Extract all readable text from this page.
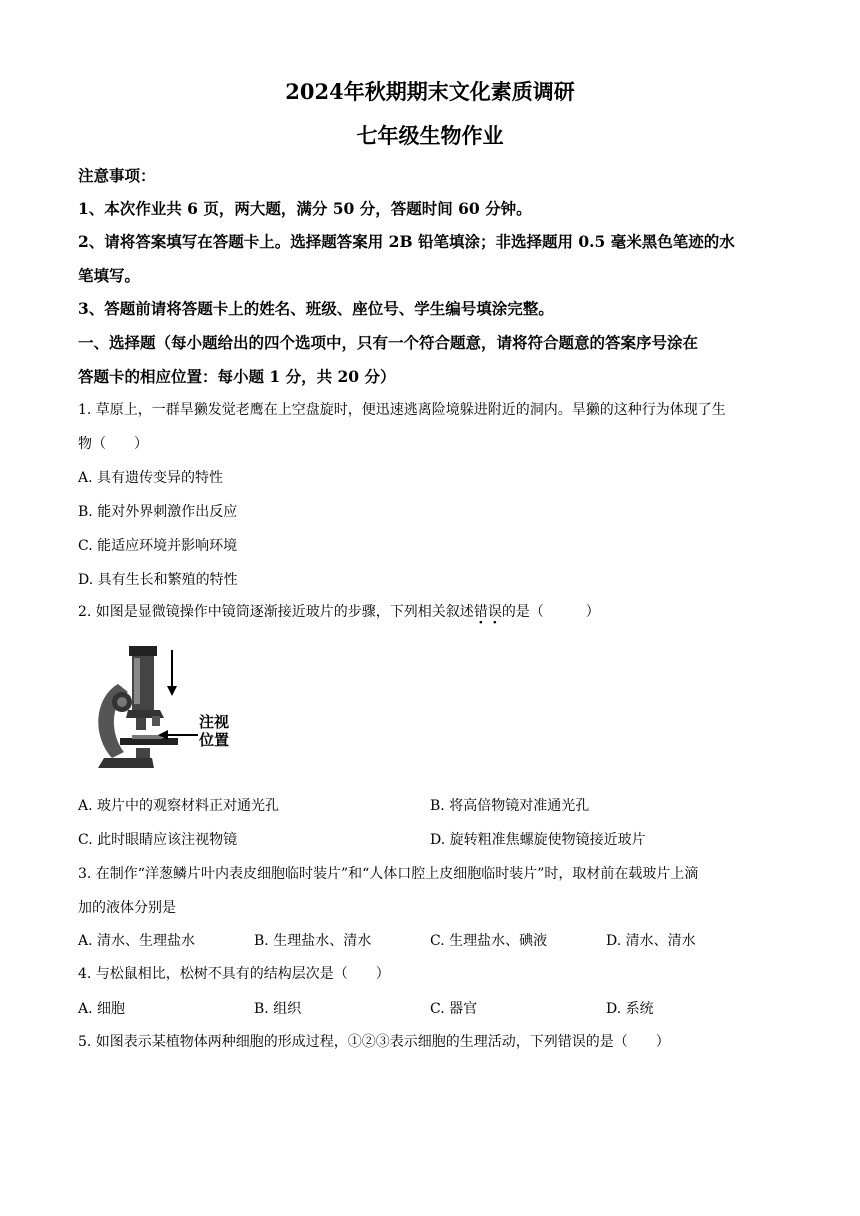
2024年秋期期末文化素质调研
七年级生物作业
注意事项：
1、本次作业共 6 页，两大题，满分 50 分，答题时间 60 分钟。
2、请将答案填写在答题卡上。选择题答案用 2B 铅笔填涂；非选择题用 0.5 毫米黑色笔迹的水
笔填写。
3、答题前请将答题卡上的姓名、班级、座位号、学生编号填涂完整。
一、选择题（每小题给出的四个选项中，只有一个符合题意，请将符合题意的答案序号涂在
答题卡的相应位置：每小题 1 分，共 20 分）
1. 草原上，一群旱獭发觉老鹰在上空盘旋时，便迅速逃离险境躲进附近的洞内。旱獭的这种行为体现了生
物（　　）
A. 具有遗传变异的特性
B. 能对外界刺激作出反应
C. 能适应环境并影响环境
D. 具有生长和繁殖的特性
2. 如图是显微镜操作中镜筒逐渐接近玻片的步骤，下列相关叙述错误的是（　　　）
注视
位置
A. 玻片中的观察材料正对通光孔	B. 将高倍物镜对准通光孔
C. 此时眼睛应该注视物镜	D. 旋转粗准焦螺旋使物镜接近玻片
3. 在制作“洋葱鳞片叶内表皮细胞临时装片”和“人体口腔上皮细胞临时装片”时，取材前在载玻片上滴
加的液体分别是
A. 清水、生理盐水	B. 生理盐水、清水	C. 生理盐水、碘液	D. 清水、清水
4. 与松鼠相比，松树不具有的结构层次是（　　）
A. 细胞	B. 组织	C. 器官	D. 系统
5. 如图表示某植物体两种细胞的形成过程，①②③表示细胞的生理活动，下列错误的是（　　）
